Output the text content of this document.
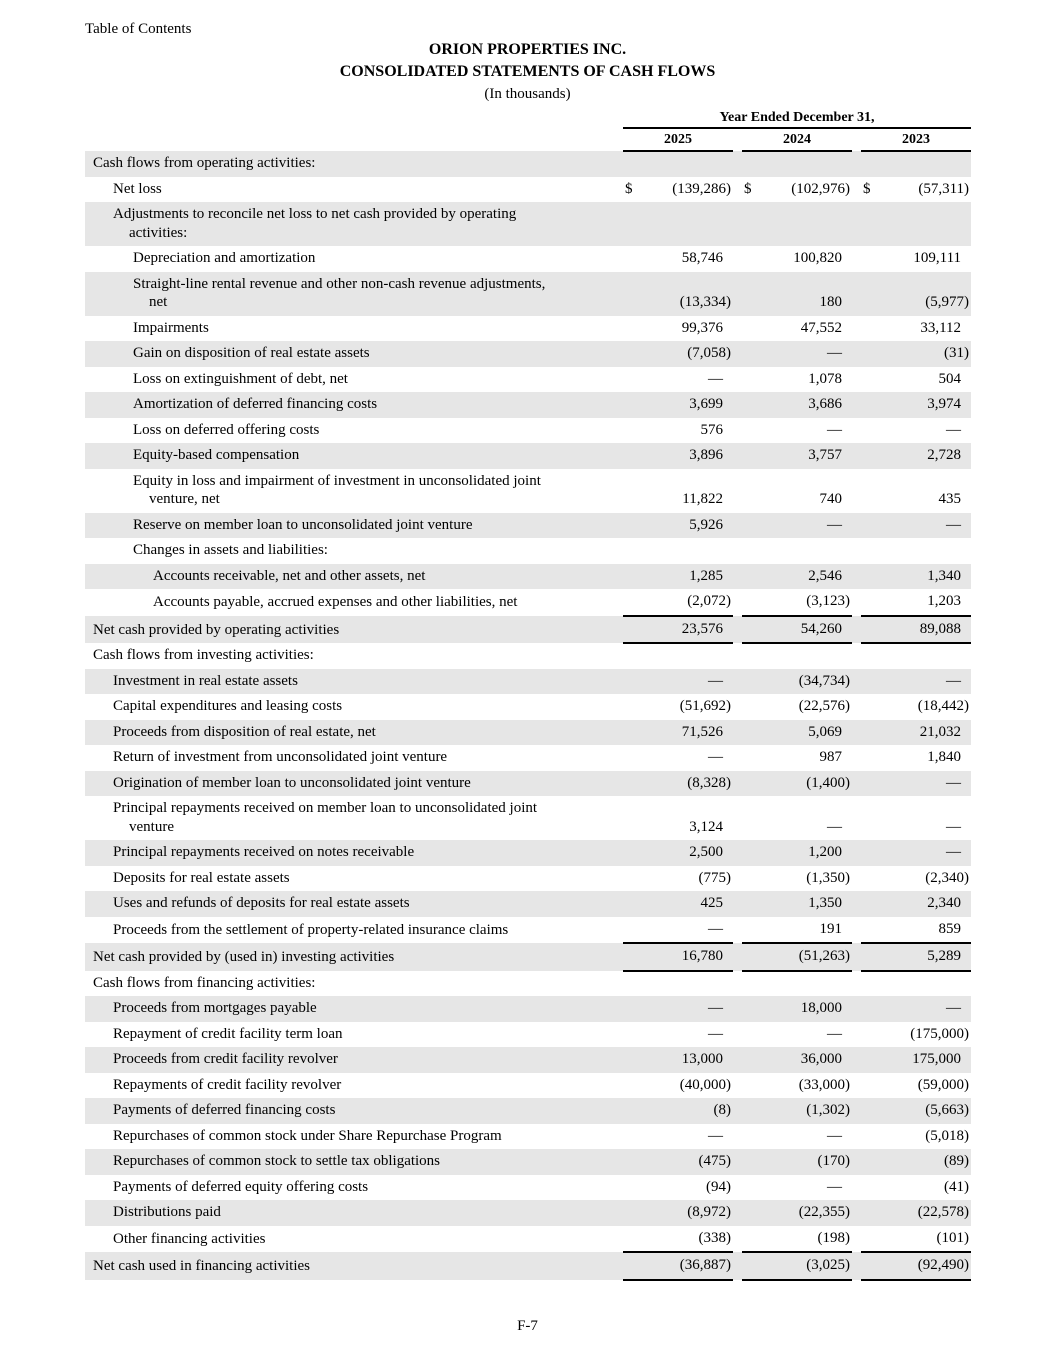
Table of Contents
ORION PROPERTIES INC.
CONSOLIDATED STATEMENTS OF CASH FLOWS
(In thousands)
	Year Ended December 31,							
	2025			2024			2023	

Cash flows from operating activities:								

Net loss	$	(139,286)		$	(102,976)		$	(57,311)

Adjustments to reconcile net loss to net cash provided by operating
activities:								

Depreciation and amortization		58,746			100,820			109,111

Straight-line rental revenue and other non-cash revenue adjustments,
net		(13,334)			180			(5,977)

Impairments		99,376			47,552			33,112

Gain on disposition of real estate assets		(7,058)			—			(31)

Loss on extinguishment of debt, net		—			1,078			504

Amortization of deferred financing costs		3,699			3,686			3,974

Loss on deferred offering costs		576			—			—

Equity-based compensation		3,896			3,757			2,728

Equity in loss and impairment of investment in unconsolidated joint
venture, net		11,822			740			435

Reserve on member loan to unconsolidated joint venture		5,926			—			—

Changes in assets and liabilities:								

Accounts receivable, net and other assets, net		1,285			2,546			1,340

Accounts payable, accrued expenses and other liabilities, net		(2,072)			(3,123)			1,203

Net cash provided by operating activities		23,576			54,260			89,088

Cash flows from investing activities:								

Investment in real estate assets		—			(34,734)			—

Capital expenditures and leasing costs		(51,692)			(22,576)			(18,442)

Proceeds from disposition of real estate, net		71,526			5,069			21,032

Return of investment from unconsolidated joint venture		—			987			1,840

Origination of member loan to unconsolidated joint venture		(8,328)			(1,400)			—

Principal repayments received on member loan to unconsolidated joint
venture		3,124			—			—

Principal repayments received on notes receivable		2,500			1,200			—

Deposits for real estate assets		(775)			(1,350)			(2,340)

Uses and refunds of deposits for real estate assets		425			1,350			2,340

Proceeds from the settlement of property-related insurance claims		—			191			859

Net cash provided by (used in) investing activities		16,780			(51,263)			5,289

Cash flows from financing activities:								

Proceeds from mortgages payable		—			18,000			—

Repayment of credit facility term loan		—			—			(175,000)

Proceeds from credit facility revolver		13,000			36,000			175,000

Repayments of credit facility revolver		(40,000)			(33,000)			(59,000)

Payments of deferred financing costs		(8)			(1,302)			(5,663)

Repurchases of common stock under Share Repurchase Program		—			—			(5,018)

Repurchases of common stock to settle tax obligations		(475)			(170)			(89)

Payments of deferred equity offering costs		(94)			—			(41)

Distributions paid		(8,972)			(22,355)			(22,578)

Other financing activities		(338)			(198)			(101)

Net cash used in financing activities		(36,887)			(3,025)			(92,490)
F-7
